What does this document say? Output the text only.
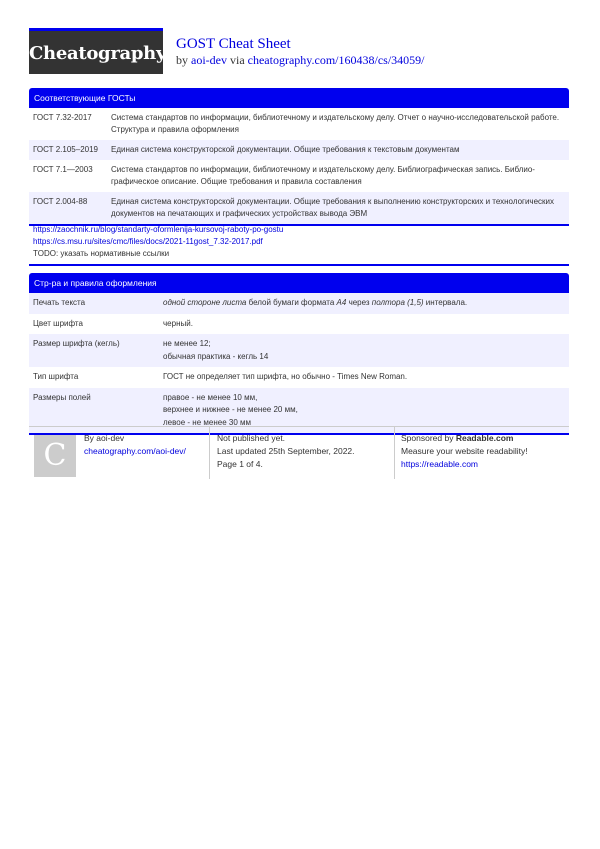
Cheatography GOST Cheat Sheet
by aoi-dev via cheatography.com/160438/cs/34059/
Соответствующие ГОСТы
ГОСТ 7.32-2017	Система стандартов по информации, библиотечному и издательскому делу. Отчет о научно-исследовательской работе. Структура и правила оформления
ГОСТ 2.105–2019	Единая система конструкторской документации. Общие требования к текстовым документам
ГОСТ 7.1—2003	Система стандартов по информации, библиотечному и издательскому делу. Библиографическая запись. Библиографическое описание. Общие требования и правила составления
ГОСТ 2.004-88	Единая система конструкторской документации. Общие требования к выполнению конструкторских и технологических документов на печатающих и графических устройствах вывода ЭВМ
https://zaochnik.ru/blog/standarty-oformlenija-kursovoj-raboty-po-gostu
https://cs.msu.ru/sites/cmc/files/docs/2021-11gost_7.32-2017.pdf
TODO: указать нормативные ссылки
Стр-ра и правила оформления
Печать текста	одной стороне листа белой бумаги формата А4 через полтора (1,5) интервала.
Цвет шрифта	черный.
Размер шрифта (кегль)	не менее 12;
обычная практика - кегль 14
Тип шрифта	ГОСТ не определяет тип шрифта, но обычно - Times New Roman.
Размеры полей	правое - не менее 10 мм,
верхнее и нижнее - не менее 20 мм,
левое - не менее 30 мм
C	By aoi-dev
cheatography.com/aoi-dev/
Not published yet.
Last updated 25th September, 2022.
Page 1 of 4.
Sponsored by Readable.com
Measure your website readability!
https://readable.com
